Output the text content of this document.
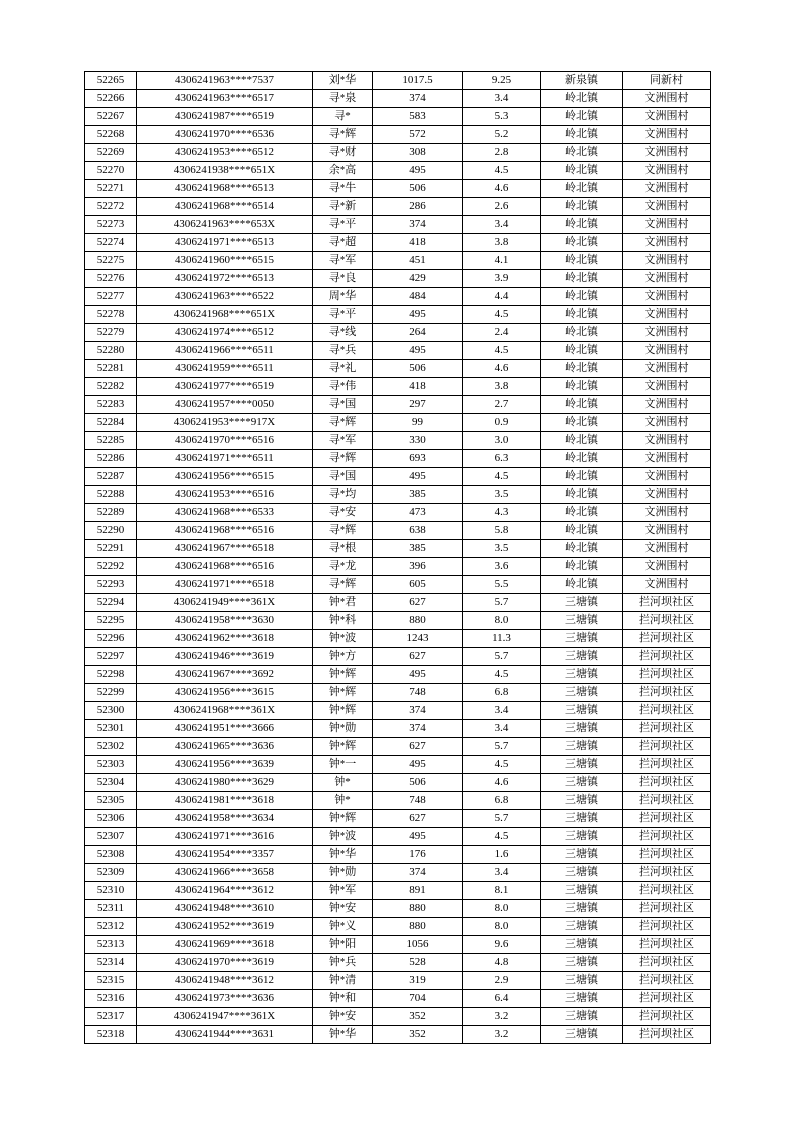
52265	4306241963****7537	刘*华	1017.5	9.25	新泉镇	同新村
52266	4306241963****6517	寻*泉	374	3.4	岭北镇	文洲围村
52267	4306241987****6519	寻*	583	5.3	岭北镇	文洲围村
52268	4306241970****6536	寻*辉	572	5.2	岭北镇	文洲围村
52269	4306241953****6512	寻*财	308	2.8	岭北镇	文洲围村
52270	4306241938****651X	余*高	495	4.5	岭北镇	文洲围村
52271	4306241968****6513	寻*牛	506	4.6	岭北镇	文洲围村
52272	4306241968****6514	寻*新	286	2.6	岭北镇	文洲围村
52273	4306241963****653X	寻*平	374	3.4	岭北镇	文洲围村
52274	4306241971****6513	寻*超	418	3.8	岭北镇	文洲围村
52275	4306241960****6515	寻*军	451	4.1	岭北镇	文洲围村
52276	4306241972****6513	寻*良	429	3.9	岭北镇	文洲围村
52277	4306241963****6522	周*华	484	4.4	岭北镇	文洲围村
52278	4306241968****651X	寻*平	495	4.5	岭北镇	文洲围村
52279	4306241974****6512	寻*线	264	2.4	岭北镇	文洲围村
52280	4306241966****6511	寻*兵	495	4.5	岭北镇	文洲围村
52281	4306241959****6511	寻*礼	506	4.6	岭北镇	文洲围村
52282	4306241977****6519	寻*伟	418	3.8	岭北镇	文洲围村
52283	4306241957****0050	寻*国	297	2.7	岭北镇	文洲围村
52284	4306241953****917X	寻*辉	99	0.9	岭北镇	文洲围村
52285	4306241970****6516	寻*军	330	3.0	岭北镇	文洲围村
52286	4306241971****6511	寻*辉	693	6.3	岭北镇	文洲围村
52287	4306241956****6515	寻*国	495	4.5	岭北镇	文洲围村
52288	4306241953****6516	寻*均	385	3.5	岭北镇	文洲围村
52289	4306241968****6533	寻*安	473	4.3	岭北镇	文洲围村
52290	4306241968****6516	寻*辉	638	5.8	岭北镇	文洲围村
52291	4306241967****6518	寻*根	385	3.5	岭北镇	文洲围村
52292	4306241968****6516	寻*龙	396	3.6	岭北镇	文洲围村
52293	4306241971****6518	寻*辉	605	5.5	岭北镇	文洲围村
52294	4306241949****361X	钟*君	627	5.7	三塘镇	拦河坝社区
52295	4306241958****3630	钟*科	880	8.0	三塘镇	拦河坝社区
52296	4306241962****3618	钟*波	1243	11.3	三塘镇	拦河坝社区
52297	4306241946****3619	钟*方	627	5.7	三塘镇	拦河坝社区
52298	4306241967****3692	钟*辉	495	4.5	三塘镇	拦河坝社区
52299	4306241956****3615	钟*辉	748	6.8	三塘镇	拦河坝社区
52300	4306241968****361X	钟*辉	374	3.4	三塘镇	拦河坝社区
52301	4306241951****3666	钟*勋	374	3.4	三塘镇	拦河坝社区
52302	4306241965****3636	钟*辉	627	5.7	三塘镇	拦河坝社区
52303	4306241956****3639	钟*一	495	4.5	三塘镇	拦河坝社区
52304	4306241980****3629	钟*	506	4.6	三塘镇	拦河坝社区
52305	4306241981****3618	钟*	748	6.8	三塘镇	拦河坝社区
52306	4306241958****3634	钟*辉	627	5.7	三塘镇	拦河坝社区
52307	4306241971****3616	钟*波	495	4.5	三塘镇	拦河坝社区
52308	4306241954****3357	钟*华	176	1.6	三塘镇	拦河坝社区
52309	4306241966****3658	钟*勋	374	3.4	三塘镇	拦河坝社区
52310	4306241964****3612	钟*军	891	8.1	三塘镇	拦河坝社区
52311	4306241948****3610	钟*安	880	8.0	三塘镇	拦河坝社区
52312	4306241952****3619	钟*义	880	8.0	三塘镇	拦河坝社区
52313	4306241969****3618	钟*阳	1056	9.6	三塘镇	拦河坝社区
52314	4306241970****3619	钟*兵	528	4.8	三塘镇	拦河坝社区
52315	4306241948****3612	钟*清	319	2.9	三塘镇	拦河坝社区
52316	4306241973****3636	钟*和	704	6.4	三塘镇	拦河坝社区
52317	4306241947****361X	钟*安	352	3.2	三塘镇	拦河坝社区
52318	4306241944****3631	钟*华	352	3.2	三塘镇	拦河坝社区
